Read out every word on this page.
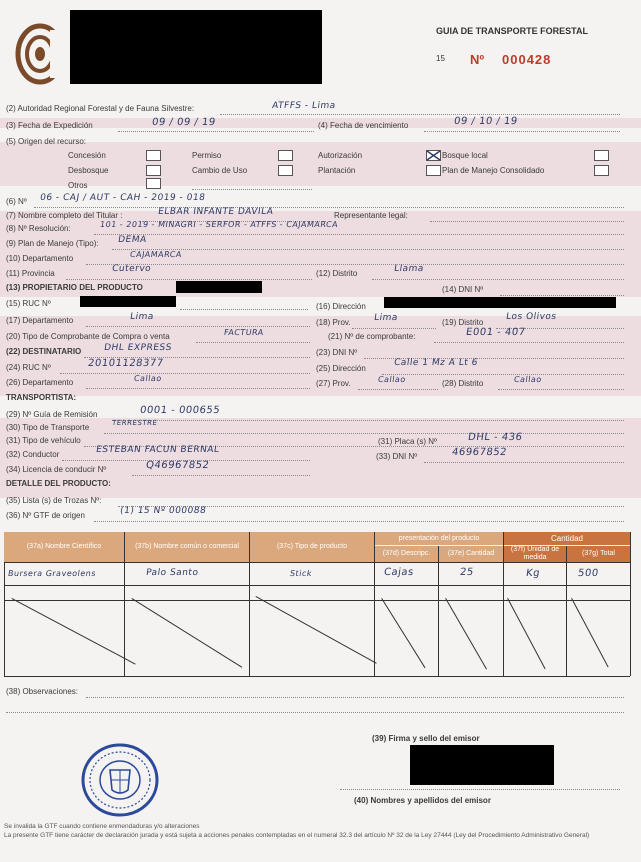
GUIA DE TRANSPORTE FORESTAL
15 Nº 000428
(2) Autoridad Regional Forestal y de Fauna Silvestre:	ATFFS - Lima
(3) Fecha de Expedición	09 / 09 / 19	(4) Fecha de vencimiento	09 / 10 / 19
(5) Origen del recurso:
Concesión	Permiso	Autorización	Bosque local
Desbosque	Cambio de Uso	Plantación	Plan de Manejo Consolidado
Otros
(6) Nº 06 - CAJ / AUT - CAH - 2019 - 018
(7) Nombre completo del Titular :	ELBAR INFANTE DAVILA	Representante legal:
(8) Nº Resolución:	101 - 2019 - MINAGRI - SERFOR - ATFFS - CAJAMARCA
(9) Plan de Manejo (Tipo): DEMA
(10) Departamento	CAJAMARCA
(11) Provincia	Cutervo	(12) Distrito	Llama
(13) PROPIETARIO DEL PRODUCTO	(14) DNI Nº
(15) RUC Nº	(16) Dirección
(17) Departamento	Lima
(18) Prov.	Lima	(19) Distrito
Los Olivos
(20) Tipo de Comprobante de Compra o venta	FACTURA	(21) Nº de comprobante:	E001 - 407
(22) DESTINATARIO DHL EXPRESS	(23) DNI Nº
(24) RUC Nº	20101128377	(25) Dirección
Calle 1 Mz A Lt 6
(26) Departamento	Callao
(27) Prov.	Callao	(28) Distrito	Callao
TRANSPORTISTA:
(29) Nº Guía de Remisión	0001 - 000655
(30) Tipo de Transporte	TERRESTRE
(31) Tipo de vehículo	(31) Placa (s) Nº	DHL - 436
(32) Conductor	ESTEBAN FACUN BERNAL
(33) DNI Nº	46967852
(34) Licencia de conducir Nº	Q46967852
DETALLE DEL PRODUCTO:
(35) Lista (s) de Trozas Nº:
(36) Nº GTF de origen	(1) 15 Nº 000088
(37a) Nombre Científico	(37b) Nombre común o comercial	(37c) Tipo de producto
presentación del producto
(37d) Descripc.	(37e) Cantidad
Cantidad
(37f) Unidad de medida
(37g) Total
Bursera Graveolens	Palo Santo	Stick	Cajas	25	Kg	500
(38) Observaciones:
(39) Firma y sello del emisor
(40) Nombres y apellidos del emisor
Se invalida la GTF cuando contiene enmendaduras y/o alteraciones
La presente GTF tiene carácter de declaración jurada y está sujeta a acciones penales contempladas en el numeral 32.3 del artículo Nº 32 de la Ley 27444 (Ley del Procedimiento Administrativo General)
